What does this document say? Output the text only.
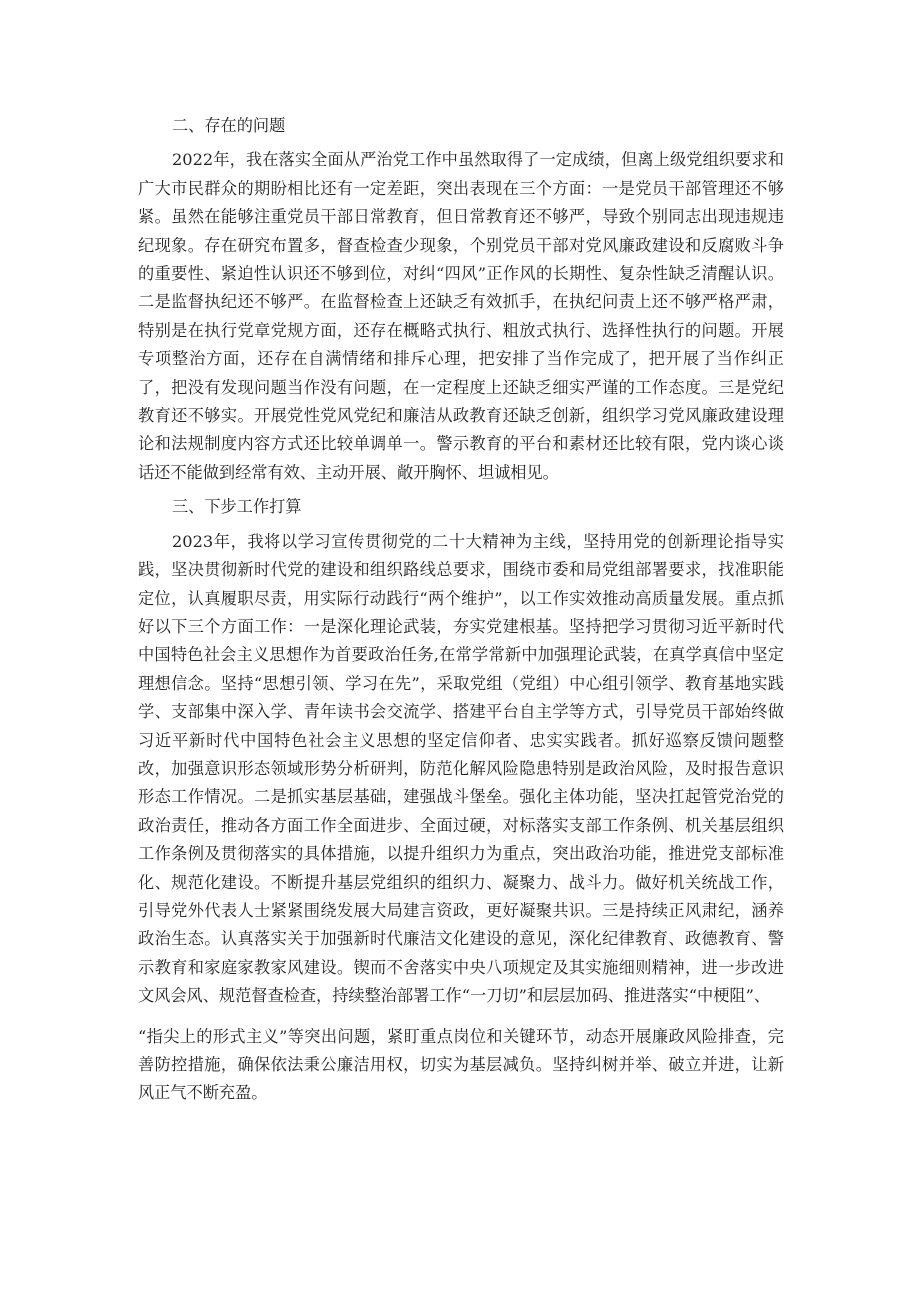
二、存在的问题

2022年，我在落实全面从严治党工作中虽然取得了一定成绩，但离上级党组织要求和广大市民群众的期盼相比还有一定差距，突出表现在三个方面：一是党员干部管理还不够紧。虽然在能够注重党员干部日常教育，但日常教育还不够严，导致个别同志出现违规违纪现象。存在研究布置多，督查检查少现象，个别党员干部对党风廉政建设和反腐败斗争的重要性、紧迫性认识还不够到位，对纠“四风”正作风的长期性、复杂性缺乏清醒认识。二是监督执纪还不够严。在监督检查上还缺乏有效抓手，在执纪问责上还不够严格严肃，特别是在执行党章党规方面，还存在概略式执行、粗放式执行、选择性执行的问题。开展专项整治方面，还存在自满情绪和排斥心理，把安排了当作完成了，把开展了当作纠正了，把没有发现问题当作没有问题，在一定程度上还缺乏细实严谨的工作态度。三是党纪教育还不够实。开展党性党风党纪和廉洁从政教育还缺乏创新，组织学习党风廉政建设理论和法规制度内容方式还比较单调单一。警示教育的平台和素材还比较有限，党内谈心谈话还不能做到经常有效、主动开展、敞开胸怀、坦诚相见。

三、下步工作打算

2023年，我将以学习宣传贯彻党的二十大精神为主线，坚持用党的创新理论指导实践，坚决贯彻新时代党的建设和组织路线总要求，围绕市委和局党组部署要求，找准职能定位，认真履职尽责，用实际行动践行“两个维护”，以工作实效推动高质量发展。重点抓好以下三个方面工作：一是深化理论武装，夯实党建根基。坚持把学习贯彻习近平新时代中国特色社会主义思想作为首要政治任务,在常学常新中加强理论武装，在真学真信中坚定理想信念。坚持“思想引领、学习在先”，采取党组（党组）中心组引领学、教育基地实践学、支部集中深入学、青年读书会交流学、搭建平台自主学等方式，引导党员干部始终做习近平新时代中国特色社会主义思想的坚定信仰者、忠实实践者。抓好巡察反馈问题整改，加强意识形态领域形势分析研判，防范化解风险隐患特别是政治风险，及时报告意识形态工作情况。二是抓实基层基础，建强战斗堡垒。强化主体功能，坚决扛起管党治党的政治责任，推动各方面工作全面进步、全面过硬，对标落实支部工作条例、机关基层组织工作条例及贯彻落实的具体措施，以提升组织力为重点，突出政治功能，推进党支部标准化、规范化建设。不断提升基层党组织的组织力、凝聚力、战斗力。做好机关统战工作，引导党外代表人士紧紧围绕发展大局建言资政，更好凝聚共识。三是持续正风肃纪，涵养政治生态。认真落实关于加强新时代廉洁文化建设的意见，深化纪律教育、政德教育、警示教育和家庭家教家风建设。锲而不舍落实中央八项规定及其实施细则精神，进一步改进文风会风、规范督查检查，持续整治部署工作“一刀切”和层层加码、推进落实“中梗阻”、

“指尖上的形式主义”等突出问题，紧盯重点岗位和关键环节，动态开展廉政风险排查，完善防控措施，确保依法秉公廉洁用权，切实为基层减负。坚持纠树并举、破立并进，让新风正气不断充盈。
